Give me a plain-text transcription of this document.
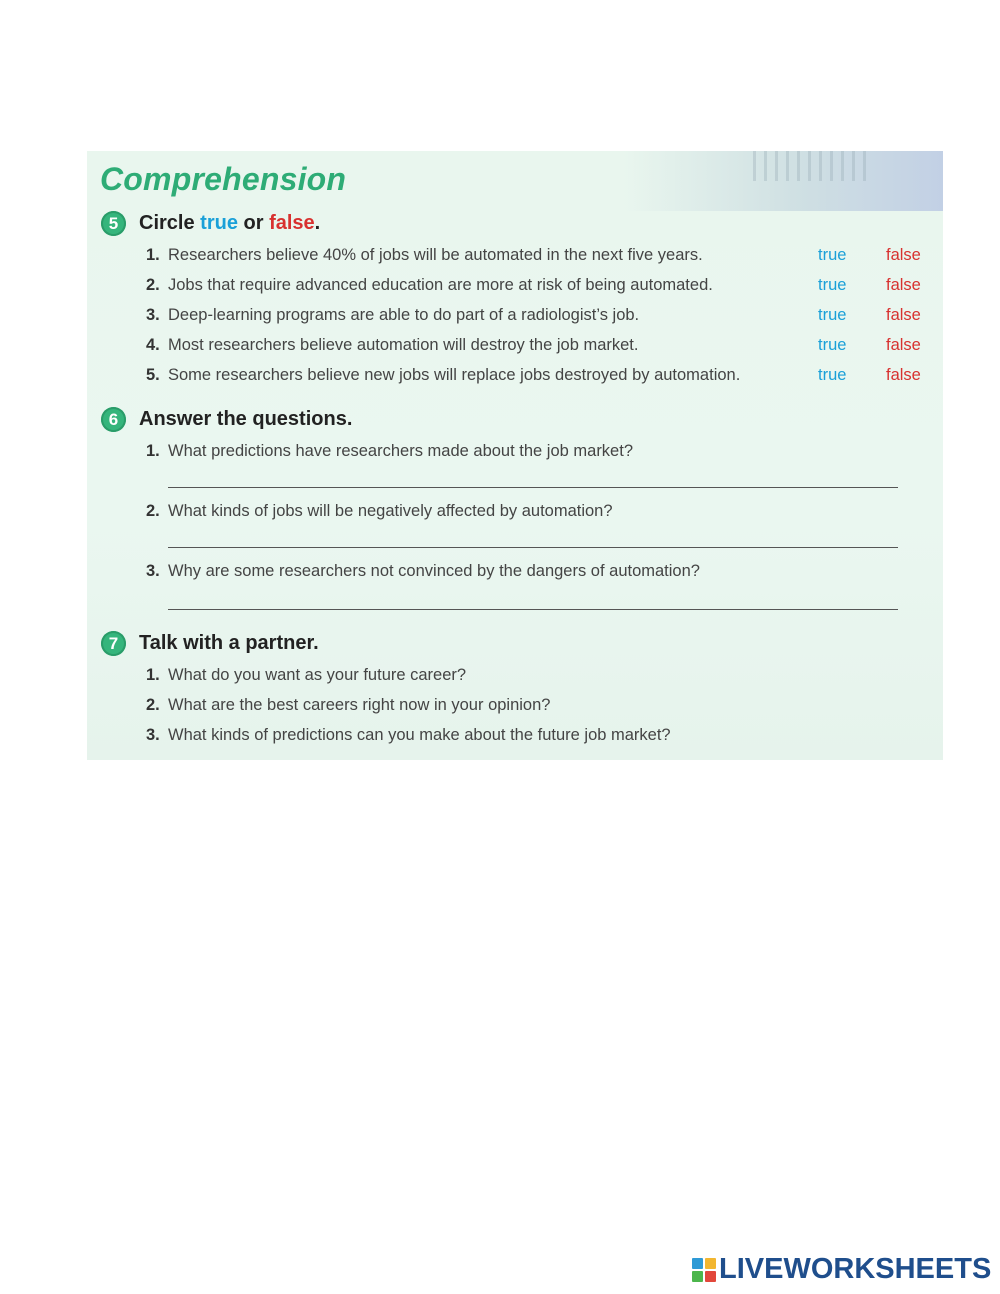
Comprehension
5	Circle true or false.
1. Researchers believe 40% of jobs will be automated in the next five years.	true false
2. Jobs that require advanced education are more at risk of being automated.	true false
3. Deep-learning programs are able to do part of a radiologist’s job.	true false
4. Most researchers believe automation will destroy the job market.	true false
5. Some researchers believe new jobs will replace jobs destroyed by automation.	true false
6	Answer the questions.
1. What predictions have researchers made about the job market?
2. What kinds of jobs will be negatively affected by automation?
3. Why are some researchers not convinced by the dangers of automation?
7	Talk with a partner.
1. What do you want as your future career?
2. What are the best careers right now in your opinion?
3. What kinds of predictions can you make about the future job market?
LIVEWORKSHEETS
